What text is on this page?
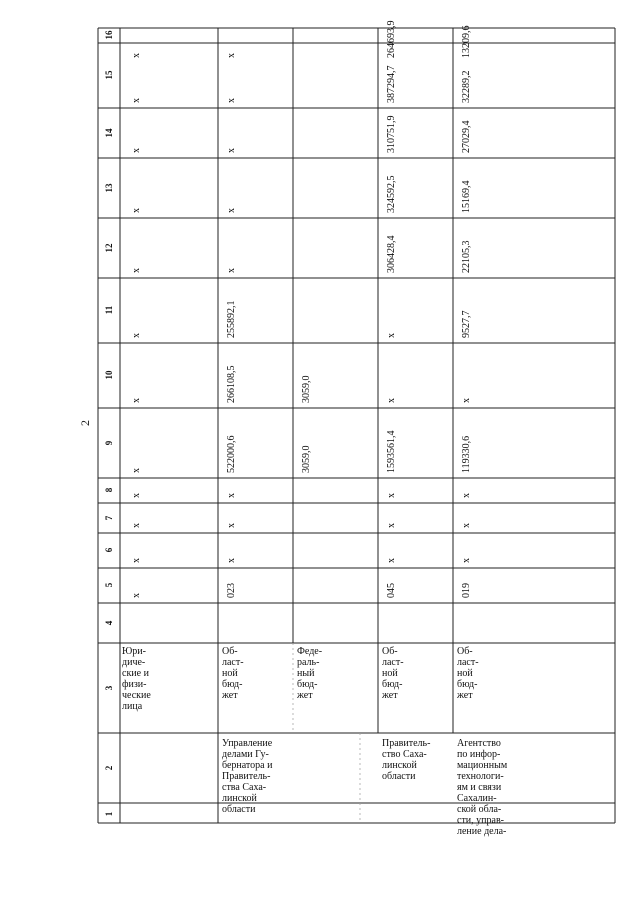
2
1
2
3
4
5
6
7
8
9
10
11
12
13
14
15
16
Юри-
диче-
ские и
физи-
ческие
лица
x
x
x
x
x
x
x
x
x
x
x
x
Управление
делами Гу-
бернатора и
Правитель-
ства Саха-
линской
области
Об-
ласт-
ной
бюд-
жет
023
x
x
x
522000,6
266108,5
255892,1
x
x
x
x
x
Феде-
раль-
ный
бюд-
жет
3059,0
3059,0
Правитель-
ство Саха-
линской
области
Об-
ласт-
ной
бюд-
жет
045
x
x
x
1593561,4
x
x
306428,4
324592,5
310751,9
387294,7
264693,9
Агентство
по инфор-
мационным
технологи-
ям и связи
Сахалин-
ской обла-
сти, управ-
ление дела-
Об-
ласт-
ной
бюд-
жет
019
x
x
x
119330,6
x
9527,7
22105,3
15169,4
27029,4
32289,2
13209,6
